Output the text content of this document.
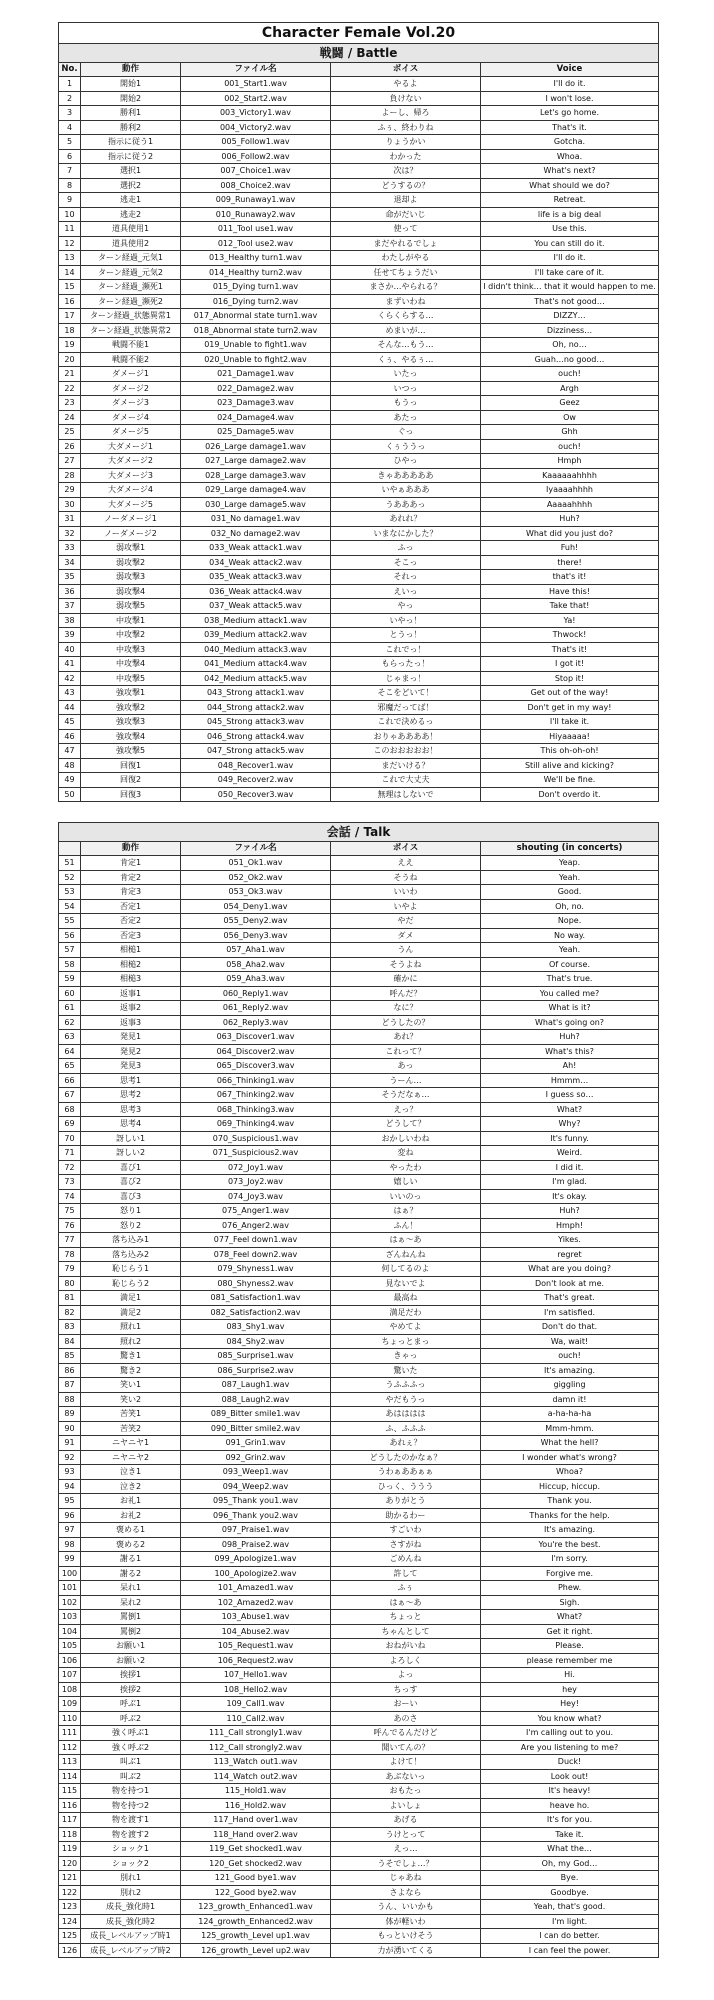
Character Female Vol.20				
戦闘 / Battle				
No.	動作	ファイル名	ボイス	Voice
1	開始1	001_Start1.wav	やるよ	I'll do it.
2	開始2	002_Start2.wav	負けない	I won't lose.
3	勝利1	003_Victory1.wav	よーし、帰ろ	Let's go home.
4	勝利2	004_Victory2.wav	ふぅ、終わりね	That's it.
5	指示に従う1	005_Follow1.wav	りょうかい	Gotcha.
6	指示に従う2	006_Follow2.wav	わかった	Whoa.
7	選択1	007_Choice1.wav	次は？	What's next?
8	選択2	008_Choice2.wav	どうするの？	What should we do?
9	逃走1	009_Runaway1.wav	退却よ	Retreat.
10	逃走2	010_Runaway2.wav	命がだいじ	life is a big deal
11	道具使用1	011_Tool use1.wav	使って	Use this.
12	道具使用2	012_Tool use2.wav	まだやれるでしょ	You can still do it.
13	ターン経過_元気1	013_Healthy turn1.wav	わたしがやる	I'll do it.
14	ターン経過_元気2	014_Healthy turn2.wav	任せてちょうだい	I'll take care of it.
15	ターン経過_瀕死1	015_Dying turn1.wav	まさか…やられる？	I didn't think… that it would happen to me.
16	ターン経過_瀕死2	016_Dying turn2.wav	まずいわね	That's not good…
17	ターン経過_状態異常1	017_Abnormal state turn1.wav	くらくらする…	DIZZY…
18	ターン経過_状態異常2	018_Abnormal state turn2.wav	めまいが…	Dizziness…
19	戦闘不能1	019_Unable to fight1.wav	そんな…もう…	Oh, no…
20	戦闘不能2	020_Unable to fight2.wav	くぅ、やるぅ…	Guah…no good…
21	ダメージ1	021_Damage1.wav	いたっ	ouch!
22	ダメージ2	022_Damage2.wav	いつっ	Argh
23	ダメージ3	023_Damage3.wav	もうっ	Geez
24	ダメージ4	024_Damage4.wav	あたっ	Ow
25	ダメージ5	025_Damage5.wav	ぐっ	Ghh
26	大ダメージ1	026_Large damage1.wav	くぅううっ	ouch!
27	大ダメージ2	027_Large damage2.wav	ひやっ	Hmph
28	大ダメージ3	028_Large damage3.wav	きゃあああああ	Kaaaaaahhhh
29	大ダメージ4	029_Large damage4.wav	いやぁあああ	Iyaaaahhhh
30	大ダメージ5	030_Large damage5.wav	うあああっ	Aaaaahhhh
31	ノーダメージ1	031_No damage1.wav	あれれ？	Huh?
32	ノーダメージ2	032_No damage2.wav	いまなにかした？	What did you just do?
33	弱攻撃1	033_Weak attack1.wav	ふっ	Fuh!
34	弱攻撃2	034_Weak attack2.wav	そこっ	there!
35	弱攻撃3	035_Weak attack3.wav	それっ	that's it!
36	弱攻撃4	036_Weak attack4.wav	えいっ	Have this!
37	弱攻撃5	037_Weak attack5.wav	やっ	Take that!
38	中攻撃1	038_Medium attack1.wav	いやっ！	Ya!
39	中攻撃2	039_Medium attack2.wav	とうっ！	Thwock!
40	中攻撃3	040_Medium attack3.wav	これでっ！	That's it!
41	中攻撃4	041_Medium attack4.wav	もらったっ！	I got it!
42	中攻撃5	042_Medium attack5.wav	じゃまっ！	Stop it!
43	強攻撃1	043_Strong attack1.wav	そこをどいて！	Get out of the way!
44	強攻撃2	044_Strong attack2.wav	邪魔だってば！	Don't get in my way!
45	強攻撃3	045_Strong attack3.wav	これで決めるっ	I'll take it.
46	強攻撃4	046_Strong attack4.wav	おりゃああああ！	Hiyaaaaa!
47	強攻撃5	047_Strong attack5.wav	このおおおおお！	This oh-oh-oh!
48	回復1	048_Recover1.wav	まだいける？	Still alive and kicking?
49	回復2	049_Recover2.wav	これで大丈夫	We'll be fine.
50	回復3	050_Recover3.wav	無理はしないで	Don't overdo it.
会話 / Talk				
	動作	ファイル名	ボイス	shouting (in concerts)
51	肯定1	051_Ok1.wav	ええ	Yeap.
52	肯定2	052_Ok2.wav	そうね	Yeah.
53	肯定3	053_Ok3.wav	いいわ	Good.
54	否定1	054_Deny1.wav	いやよ	Oh, no.
55	否定2	055_Deny2.wav	やだ	Nope.
56	否定3	056_Deny3.wav	ダメ	No way.
57	相槌1	057_Aha1.wav	うん	Yeah.
58	相槌2	058_Aha2.wav	そうよね	Of course.
59	相槌3	059_Aha3.wav	確かに	That's true.
60	返事1	060_Reply1.wav	呼んだ？	You called me?
61	返事2	061_Reply2.wav	なに？	What is it?
62	返事3	062_Reply3.wav	どうしたの？	What's going on?
63	発見1	063_Discover1.wav	あれ？	Huh?
64	発見2	064_Discover2.wav	これって？	What's this?
65	発見3	065_Discover3.wav	あっ	Ah!
66	思考1	066_Thinking1.wav	うーん…	Hmmm…
67	思考2	067_Thinking2.wav	そうだなぁ…	I guess so…
68	思考3	068_Thinking3.wav	えっ？	What?
69	思考4	069_Thinking4.wav	どうして？	Why?
70	訝しい1	070_Suspicious1.wav	おかしいわね	It's funny.
71	訝しい2	071_Suspicious2.wav	変ね	Weird.
72	喜び1	072_Joy1.wav	やったわ	I did it.
73	喜び2	073_Joy2.wav	嬉しい	I'm glad.
74	喜び3	074_Joy3.wav	いいのっ	It's okay.
75	怒り1	075_Anger1.wav	はぁ？	Huh?
76	怒り2	076_Anger2.wav	ふん！	Hmph!
77	落ち込み1	077_Feel down1.wav	はぁ～あ	Yikes.
78	落ち込み2	078_Feel down2.wav	ざんねんね	regret
79	恥じらう1	079_Shyness1.wav	何してるのよ	What are you doing?
80	恥じらう2	080_Shyness2.wav	見ないでよ	Don't look at me.
81	満足1	081_Satisfaction1.wav	最高ね	That's great.
82	満足2	082_Satisfaction2.wav	満足だわ	I'm satisfied.
83	照れ1	083_Shy1.wav	やめてよ	Don't do that.
84	照れ2	084_Shy2.wav	ちょっとまっ	Wa, wait!
85	驚き1	085_Surprise1.wav	きゃっ	ouch!
86	驚き2	086_Surprise2.wav	驚いた	It's amazing.
87	笑い1	087_Laugh1.wav	うふふふっ	giggling
88	笑い2	088_Laugh2.wav	やだもうっ	damn it!
89	苦笑1	089_Bitter smile1.wav	あはははは	a-ha-ha-ha
90	苦笑2	090_Bitter smile2.wav	ふ、ふふふ	Mmm-hmm.
91	ニヤニヤ1	091_Grin1.wav	あれぇ？	What the hell?
92	ニヤニヤ2	092_Grin2.wav	どうしたのかなぁ？	I wonder what's wrong?
93	泣き1	093_Weep1.wav	うわぁああぁぁ	Whoa?
94	泣き2	094_Weep2.wav	ひっく、ううう	Hiccup, hiccup.
95	お礼1	095_Thank you1.wav	ありがとう	Thank you.
96	お礼2	096_Thank you2.wav	助かるわー	Thanks for the help.
97	褒める1	097_Praise1.wav	すごいわ	It's amazing.
98	褒める2	098_Praise2.wav	さすがね	You're the best.
99	謝る1	099_Apologize1.wav	ごめんね	I'm sorry.
100	謝る2	100_Apologize2.wav	許して	Forgive me.
101	呆れ1	101_Amazed1.wav	ふぅ	Phew.
102	呆れ2	102_Amazed2.wav	はぁ～あ	Sigh.
103	罵倒1	103_Abuse1.wav	ちょっと	What?
104	罵倒2	104_Abuse2.wav	ちゃんとして	Get it right.
105	お願い1	105_Request1.wav	おねがいね	Please.
106	お願い2	106_Request2.wav	よろしく	please remember me
107	挨拶1	107_Hello1.wav	よっ	Hi.
108	挨拶2	108_Hello2.wav	ちっす	hey
109	呼ぶ1	109_Call1.wav	おーい	Hey!
110	呼ぶ2	110_Call2.wav	あのさ	You know what?
111	強く呼ぶ1	111_Call strongly1.wav	呼んでるんだけど	I'm calling out to you.
112	強く呼ぶ2	112_Call strongly2.wav	聞いてんの？	Are you listening to me?
113	叫ぶ1	113_Watch out1.wav	よけて！	Duck!
114	叫ぶ2	114_Watch out2.wav	あぶないっ	Look out!
115	物を持つ1	115_Hold1.wav	おもたっ	It's heavy!
116	物を持つ2	116_Hold2.wav	よいしょ	heave ho.
117	物を渡す1	117_Hand over1.wav	あげる	It's for you.
118	物を渡す2	118_Hand over2.wav	うけとって	Take it.
119	ショック1	119_Get shocked1.wav	えっ…	What the…
120	ショック2	120_Get shocked2.wav	うそでしょ…？	Oh, my God…
121	別れ1	121_Good bye1.wav	じゃあね	Bye.
122	別れ2	122_Good bye2.wav	さよなら	Goodbye.
123	成長_強化時1	123_growth_Enhanced1.wav	うん、いいかも	Yeah, that's good.
124	成長_強化時2	124_growth_Enhanced2.wav	体が軽いわ	I'm light.
125	成長_レベルアップ時1	125_growth_Level up1.wav	もっといけそう	I can do better.
126	成長_レベルアップ時2	126_growth_Level up2.wav	力が湧いてくる	I can feel the power.
